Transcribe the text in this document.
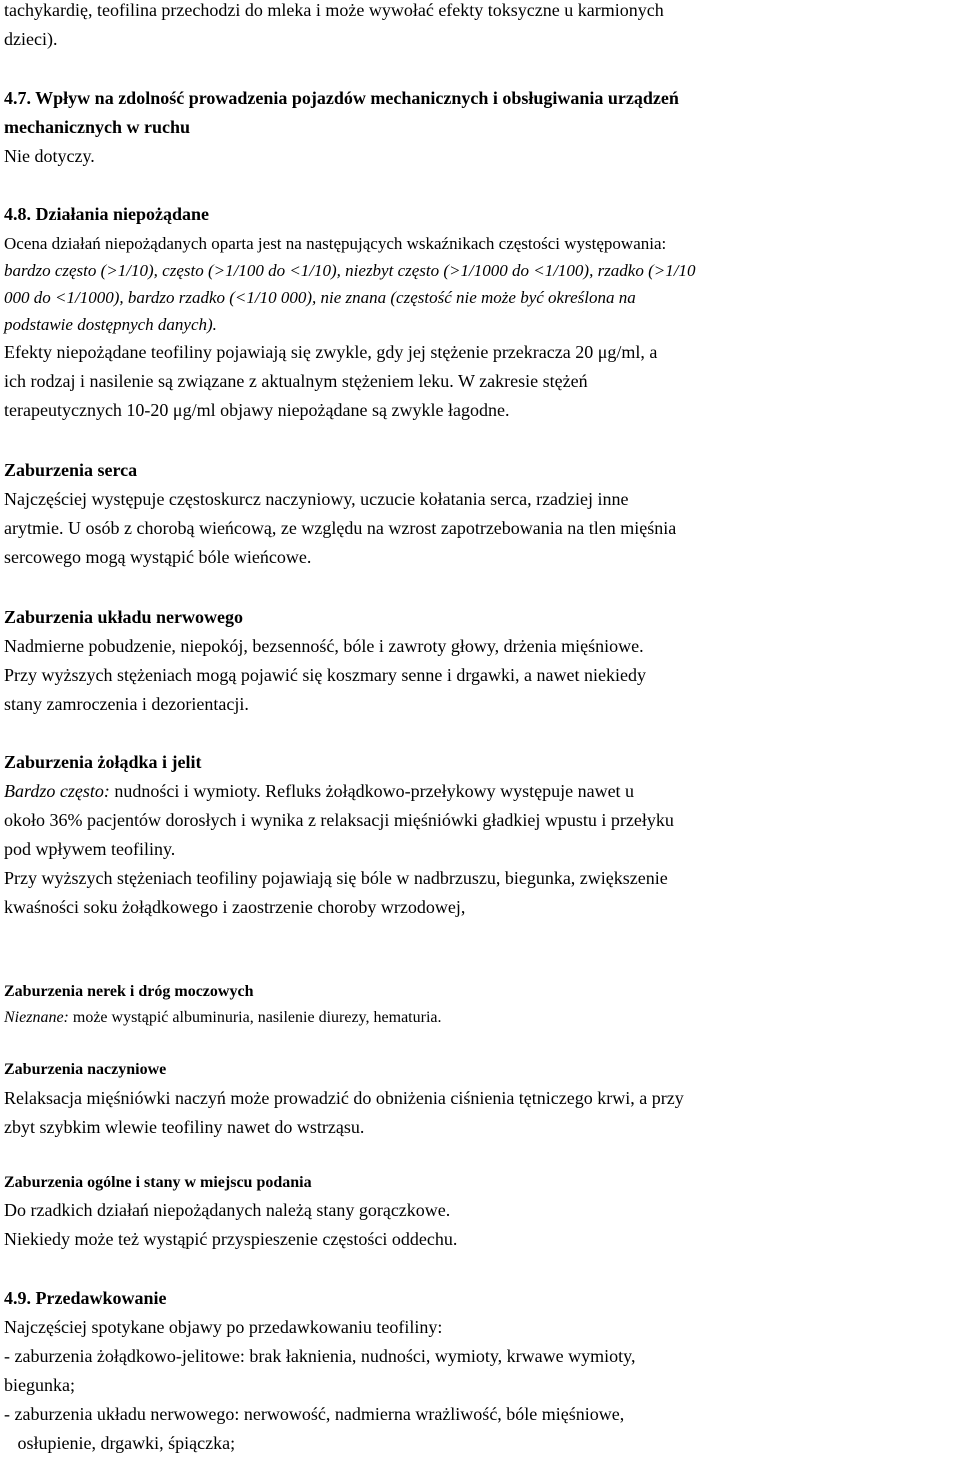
tachykardię, teofilina przechodzi do mleka i może wywołać efekty toksyczne u karmionych
dzieci).
4.7. Wpływ na zdolność prowadzenia pojazdów mechanicznych i obsługiwania urządzeń
mechanicznych w ruchu
Nie dotyczy.
4.8. Działania niepożądane
Ocena działań niepożądanych oparta jest na następujących wskaźnikach częstości występowania:
bardzo często (>1/10), często (>1/100 do <1/10), niezbyt często (>1/1000 do <1/100), rzadko (>1/10
000 do <1/1000), bardzo rzadko (<1/10 000), nie znana (częstość nie może być określona na
podstawie dostępnych danych).
Efekty niepożądane teofiliny pojawiają się zwykle, gdy jej stężenie przekracza 20 μg/ml, a
ich rodzaj i nasilenie są związane z aktualnym stężeniem leku. W zakresie stężeń
terapeutycznych 10-20 μg/ml objawy niepożądane są zwykle łagodne.
Zaburzenia serca
Najczęściej występuje częstoskurcz naczyniowy, uczucie kołatania serca, rzadziej inne
arytmie. U osób z chorobą wieńcową, ze względu na wzrost zapotrzebowania na tlen mięśnia
sercowego mogą wystąpić bóle wieńcowe.
Zaburzenia układu nerwowego
Nadmierne pobudzenie, niepokój, bezsenność, bóle i zawroty głowy, drżenia mięśniowe.
Przy wyższych stężeniach mogą pojawić się koszmary senne i drgawki, a nawet niekiedy
stany zamroczenia i dezorientacji.
Zaburzenia żołądka i jelit
Bardzo często: nudności i wymioty. Refluks żołądkowo-przełykowy występuje nawet u
około 36% pacjentów dorosłych i wynika z relaksacji mięśniówki gładkiej wpustu i przełyku
pod wpływem teofiliny.
Przy wyższych stężeniach teofiliny pojawiają się bóle w nadbrzuszu, biegunka, zwiększenie
kwaśności soku żołądkowego i zaostrzenie choroby wrzodowej,
Zaburzenia nerek i dróg moczowych
Nieznane: może wystąpić albuminuria, nasilenie diurezy, hematuria.
Zaburzenia naczyniowe
Relaksacja mięśniówki naczyń może prowadzić do obniżenia ciśnienia tętniczego krwi, a przy
zbyt szybkim wlewie teofiliny nawet do wstrząsu.
Zaburzenia ogólne i stany w miejscu podania
Do rzadkich działań niepożądanych należą stany gorączkowe.
Niekiedy może też wystąpić przyspieszenie częstości oddechu.
4.9. Przedawkowanie
Najczęściej spotykane objawy po przedawkowaniu teofiliny:
- zaburzenia żołądkowo-jelitowe: brak łaknienia, nudności, wymioty, krwawe wymioty,
biegunka;
- zaburzenia układu nerwowego: nerwowość, nadmierna wrażliwość, bóle mięśniowe,
osłupienie, drgawki, śpiączka;
